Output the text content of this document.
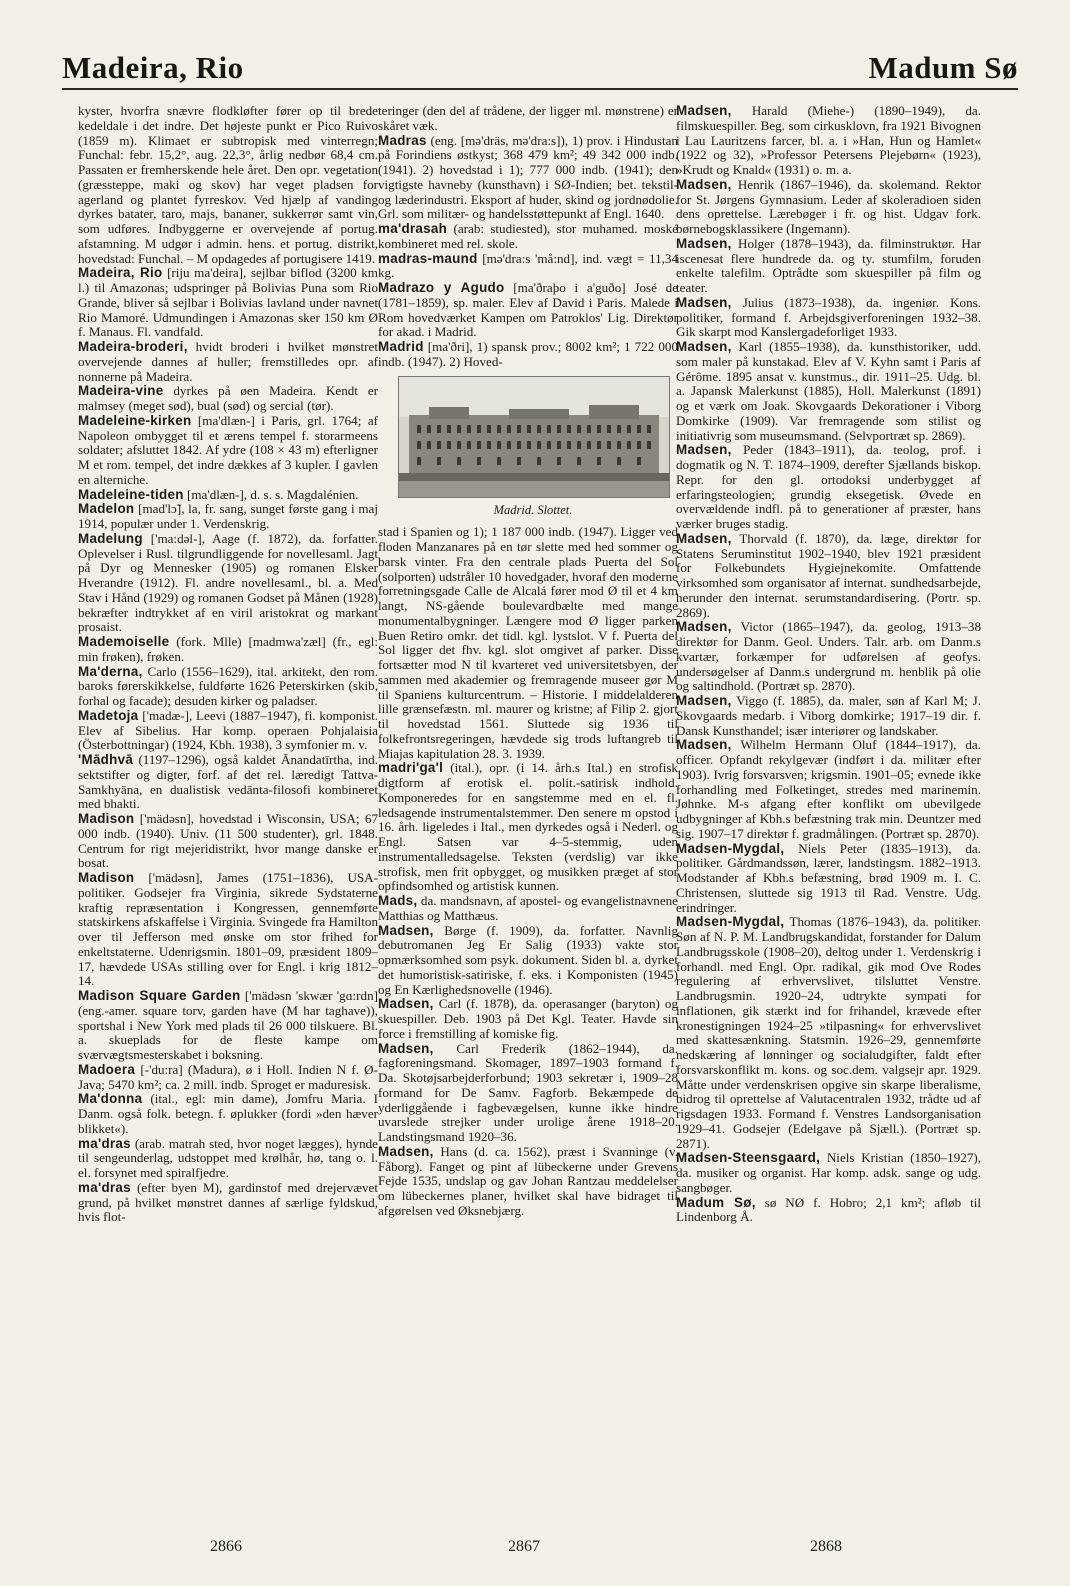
Madeira, Rio	Madum Sø

kyster, hvorfra snævre flodkløfter fører op til brede kedeldale i det indre. Det højeste punkt er Pico Ruivo (1859 m). Klimaet er subtropisk med vinterregn; Funchal: febr. 15,2°, aug. 22,3°, årlig nedbør 68,4 cm. Passaten er fremherskende hele året. Den opr. vegetation (græssteppe, maki og skov) har veget pladsen for agerland og plantet fyrreskov. Ved hjælp af vanding dyrkes batater, taro, majs, bananer, sukkerrør samt vin, som udføres. Indbyggerne er overvejende af portug. afstamning. M udgør i admin. hens. et portug. distrikt, hovedstad: Funchal. – M opdagedes af portugisere 1419.

Madeira, Rio [riju ma'deira], sejlbar biflod (3200 km l.) til Amazonas; udspringer på Bolivias Puna som Rio Grande, bliver så sejlbar i Bolivias lavland under navnet Rio Mamoré. Udmundingen i Amazonas sker 150 km Ø f. Manaus. Fl. vandfald.

Madeira-broderi, hvidt broderi i hvilket mønstret overvejende dannes af huller; fremstilledes opr. af nonnerne på Madeira.

Madeira-vine dyrkes på øen Madeira. Kendt er malmsey (meget sød), bual (sød) og sercial (tør).

Madeleine-kirken [ma'dlæn-] i Paris, grl. 1764; af Napoleon ombygget til et ærens tempel f. storarmeens soldater; afsluttet 1842. Af ydre (108 × 43 m) efterligner M et rom. tempel, det indre dækkes af 3 kupler. I gavlen en alterniche.

Madeleine-tiden [ma'dlæn-], d. s. s. Magdalénien.

Madelon [mad'lɔ̃], la, fr. sang, sunget første gang i maj 1914, populær under 1. Verdenskrig.

Madelung ['ma:dəl-], Aage (f. 1872), da. forfatter. Oplevelser i Rusl. tilgrundliggende for novellesaml. Jagt på Dyr og Mennesker (1905) og romanen Elsker Hverandre (1912). Fl. andre novellesaml., bl. a. Med Stav i Hånd (1929) og romanen Godset på Månen (1928) bekræfter indtrykket af en viril aristokrat og markant prosaist.

Mademoiselle (fork. Mlle) [madmwa'zæl] (fr., egl: min frøken), frøken.

Ma'derna, Carlo (1556–1629), ital. arkitekt, den rom. baroks førerskikkelse, fuldførte 1626 Peterskirken (skib, forhal og facade); desuden kirker og paladser.

Madetoja ['madæ-], Leevi (1887–1947), fi. komponist. Elev af Sibelius. Har komp. operaen Pohjalaisia (Österbottningar) (1924, Kbh. 1938), 3 symfonier m. v.

'Mādhvā (1197–1296), også kaldet Ānandatīrtha, ind. sektstifter og digter, forf. af det rel. læredigt Tattva-Samkhyāna, en dualistisk vedānta-filosofi kombineret med bhakti.

Madison ['mädəsn], hovedstad i Wisconsin, USA; 67 000 indb. (1940). Univ. (11 500 studenter), grl. 1848. Centrum for rigt mejeridistrikt, hvor mange danske er bosat.

Madison ['mädəsn], James (1751–1836), USA-politiker. Godsejer fra Virginia, sikrede Sydstaterne kraftig repræsentation i Kongressen, gennemførte statskirkens afskaffelse i Virginia. Svingede fra Hamilton over til Jefferson med ønske om stor frihed for enkeltstaterne. Udenrigsmin. 1801–09, præsident 1809–17, hævdede USAs stilling over for Engl. i krig 1812–14.

Madison Square Garden ['mädəsn 'skwær 'gɑ:rdn] (eng.-amer. square torv, garden have (M har taghave)), sportshal i New York med plads til 26 000 tilskuere. Bl. a. skueplads for de fleste kampe om sværvægtsmesterskabet i boksning.

Madoera [-'du:ra] (Madura), ø i Holl. Indien N f. Ø-Java; 5470 km²; ca. 2 mill. indb. Sproget er maduresisk.

Ma'donna (ital., egl: min dame), Jomfru Maria. I Danm. også folk. betegn. f. øplukker (fordi »den hæver blikket«).

ma'dras (arab. matrah sted, hvor noget lægges), hynde til sengeunderlag, udstoppet med krølhår, hø, tang o. l. el. forsynet med spiralfjedre.

ma'dras (efter byen M), gardinstof med drejervævet grund, på hvilket mønstret dannes af særlige fyldskud, hvis flot-

teringer (den del af trådene, der ligger ml. mønstrene) er skåret væk.

Madras (eng. [mə'dräs, mə'dra:s]), 1) prov. i Hindustan på Forindiens østkyst; 368 479 km²; 49 342 000 indb. (1941). 2) hovedstad i 1); 777 000 indb. (1941); den vigtigste havneby (kunsthavn) i SØ-Indien; bet. tekstil- og læderindustri. Eksport af huder, skind og jordnødolie. Grl. som militær- og handelsstøttepunkt af Engl. 1640.

ma'drasah (arab: studiested), stor muhamed. moské kombineret med rel. skole.

madras-maund [mə'dra:s 'må:nd], ind. vægt = 11,34 kg.

Madrazo y Agudo [ma'ðraþo i a'guðo] José de (1781–1859), sp. maler. Elev af David i Paris. Malede i Rom hovedværket Kampen om Patroklos' Lig. Direktør for akad. i Madrid.

Madrid [ma'ðri], 1) spansk prov.; 8002 km²; 1 722 000 indb. (1947). 2) Hoved-

Madrid. Slottet.

stad i Spanien og 1); 1 187 000 indb. (1947). Ligger ved floden Manzanares på en tør slette med hed sommer og barsk vinter. Fra den centrale plads Puerta del Sol (solporten) udstråler 10 hovedgader, hvoraf den moderne forretningsgade Calle de Alcalá fører mod Ø til et 4 km langt, NS-gående boulevardbælte med mange monumentalbygninger. Længere mod Ø ligger parken Buen Retiro omkr. det tidl. kgl. lystslot. V f. Puerta del Sol ligger det fhv. kgl. slot omgivet af parker. Disse fortsætter mod N til kvarteret ved universitetsbyen, der sammen med akademier og fremragende museer gør M til Spaniens kulturcentrum. – Historie. I middelalderen lille grænsefæstn. ml. maurer og kristne; af Filip 2. gjort til hovedstad 1561. Sluttede sig 1936 til folkefrontsregeringen, hævdede sig trods luftangreb til Miajas kapitulation 28. 3. 1939.

madri'ga'l (ital.), opr. (i 14. årh.s Ital.) en strofisk digtform af erotisk el. polit.-satirisk indhold. Komponeredes for en sangstemme med en el. fl. ledsagende instrumentalstemmer. Den senere m opstod i 16. årh. ligeledes i Ital., men dyrkedes også i Nederl. og Engl. Satsen var 4–5-stemmig, uden instrumentalledsagelse. Teksten (verdslig) var ikke strofisk, men frit opbygget, og musikken præget af stor opfindsomhed og artistisk kunnen.

Mads, da. mandsnavn, af apostel- og evangelistnavnene Matthias og Matthæus.

Madsen, Børge (f. 1909), da. forfatter. Navnlig debutromanen Jeg Er Salig (1933) vakte stor opmærksomhed som psyk. dokument. Siden bl. a. dyrket det humoristisk-satiriske, f. eks. i Komponisten (1945) og En Kærlighedsnovelle (1946).

Madsen, Carl (f. 1878), da. operasanger (baryton) og skuespiller. Deb. 1903 på Det Kgl. Teater. Havde sin force i fremstilling af komiske fig.

Madsen, Carl Frederik (1862–1944), da. fagforeningsmand. Skomager, 1897–1903 formand f. Da. Skotøjsarbejderforbund; 1903 sekretær i, 1909–28 formand for De Samv. Fagforb. Bekæmpede de yderliggående i fagbevægelsen, kunne ikke hindre uvarslede strejker under urolige årene 1918–20. Landstingsmand 1920–36.

Madsen, Hans (d. ca. 1562), præst i Svanninge (v. Fåborg). Fanget og pint af lübeckerne under Grevens Fejde 1535, undslap og gav Johan Rantzau meddelelser om lübeckernes planer, hvilket skal have bidraget til afgørelsen ved Øksnebjærg.

Madsen, Harald (Miehe-) (1890–1949), da. filmskuespiller. Beg. som cirkusklovn, fra 1921 Bivognen i Lau Lauritzens farcer, bl. a. i »Han, Hun og Hamlet« (1922 og 32), »Professor Petersens Plejebørn« (1923), »Krudt og Knald« (1931) o. m. a.

Madsen, Henrik (1867–1946), da. skolemand. Rektor for St. Jørgens Gymnasium. Leder af skoleradioen siden dens oprettelse. Lærebøger i fr. og hist. Udgav fork. børnebogsklassikere (Ingemann).

Madsen, Holger (1878–1943), da. filminstruktør. Har iscenesat flere hundrede da. og ty. stumfilm, foruden enkelte talefilm. Optrådte som skuespiller på film og teater.

Madsen, Julius (1873–1938), da. ingeniør. Kons. politiker, formand f. Arbejdsgiverforeningen 1932–38. Gik skarpt mod Kanslergadeforliget 1933.

Madsen, Karl (1855–1938), da. kunsthistoriker, udd. som maler på kunstakad. Elev af V. Kyhn samt i Paris af Gérôme. 1895 ansat v. kunstmus., dir. 1911–25. Udg. bl. a. Japansk Malerkunst (1885), Holl. Malerkunst (1891) og et værk om Joak. Skovgaards Dekorationer i Viborg Domkirke (1909). Var fremragende som stilist og initiativrig som museumsmand. (Selvportræt sp. 2869).

Madsen, Peder (1843–1911), da. teolog, prof. i dogmatik og N. T. 1874–1909, derefter Sjællands biskop. Repr. for den gl. ortodoksi underbygget af erfaringsteologien; grundig eksegetisk. Øvede en overvældende indfl. på to generationer af præster, hans værker bruges stadig.

Madsen, Thorvald (f. 1870), da. læge, direktør for Statens Seruminstitut 1902–1940, blev 1921 præsident for Folkebundets Hygiejnekomite. Omfattende virksomhed som organisator af internat. sundhedsarbejde, herunder den internat. serumstandardisering. (Portr. sp. 2869).

Madsen, Victor (1865–1947), da. geolog, 1913–38 direktør for Danm. Geol. Unders. Talr. arb. om Danm.s kvartær, forkæmper for udførelsen af geofys. undersøgelser af Danm.s undergrund m. henblik på olie og saltindhold. (Portræt sp. 2870).

Madsen, Viggo (f. 1885), da. maler, søn af Karl M; J. Skovgaards medarb. i Viborg domkirke; 1917–19 dir. f. Dansk Kunsthandel; især interiører og landskaber.

Madsen, Wilhelm Hermann Oluf (1844–1917), da. officer. Opfandt rekylgevær (indført i da. militær efter 1903). Ivrig forsvarsven; krigsmin. 1901–05; evnede ikke forhandling med Folketinget, stredes med marinemin. Jøhnke. M-s afgang efter konflikt om ubevilgede udbygninger af Kbh.s befæstning trak min. Deuntzer med sig. 1907–17 direktør f. gradmålingen. (Portræt sp. 2870).

Madsen-Mygdal, Niels Peter (1835–1913), da. politiker. Gårdmandssøn, lærer, landstingsm. 1882–1913. Modstander af Kbh.s befæstning, brød 1909 m. I. C. Christensen, sluttede sig 1913 til Rad. Venstre. Udg. erindringer.

Madsen-Mygdal, Thomas (1876–1943), da. politiker. Søn af N. P. M. Landbrugskandidat, forstander for Dalum Landbrugsskole (1908–20), deltog under 1. Verdenskrig i forhandl. med Engl. Opr. radikal, gik mod Ove Rodes regulering af erhvervslivet, tilsluttet Venstre. Landbrugsmin. 1920–24, udtrykte sympati for inflationen, gik stærkt ind for frihandel, krævede efter kronestigningen 1924–25 »tilpasning« for erhvervslivet med skattesænkning. Statsmin. 1926–29, gennemførte nedskæring af lønninger og socialudgifter, faldt efter forsvarskonflikt m. kons. og soc.dem. valgsejr apr. 1929. Måtte under verdenskrisen opgive sin skarpe liberalisme, bidrog til oprettelse af Valutacentralen 1932, trådte ud af rigsdagen 1933. Formand f. Venstres Landsorganisation 1929–41. Godsejer (Edelgave på Sjæll.). (Portræt sp. 2871).

Madsen-Steensgaard, Niels Kristian (1850–1927), da. musiker og organist. Har komp. adsk. sange og udg. sangbøger.

Madum Sø, sø NØ f. Hobro; 2,1 km²; afløb til Lindenborg Å.

2866	2867	2868
